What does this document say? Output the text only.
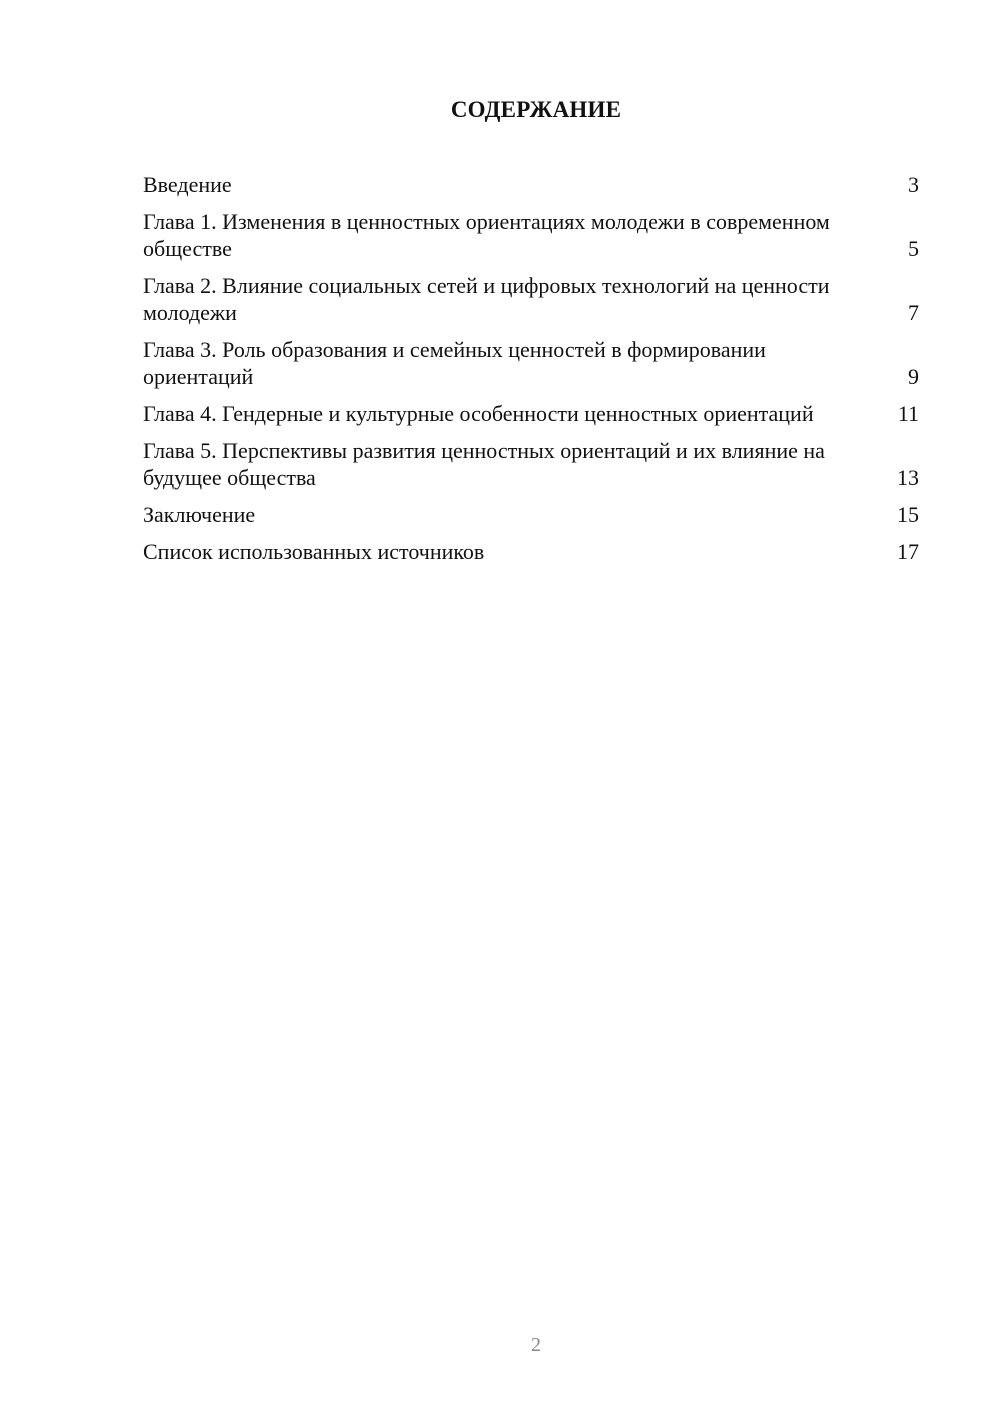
СОДЕРЖАНИЕ
Введение	3
Глава 1. Изменения в ценностных ориентациях молодежи в современном обществе	5
Глава 2. Влияние социальных сетей и цифровых технологий на ценности молодежи	7
Глава 3. Роль образования и семейных ценностей в формировании ориентаций	9
Глава 4. Гендерные и культурные особенности ценностных ориентаций	11
Глава 5. Перспективы развития ценностных ориентаций и их влияние на будущее общества	13
Заключение	15
Список использованных источников	17
2
